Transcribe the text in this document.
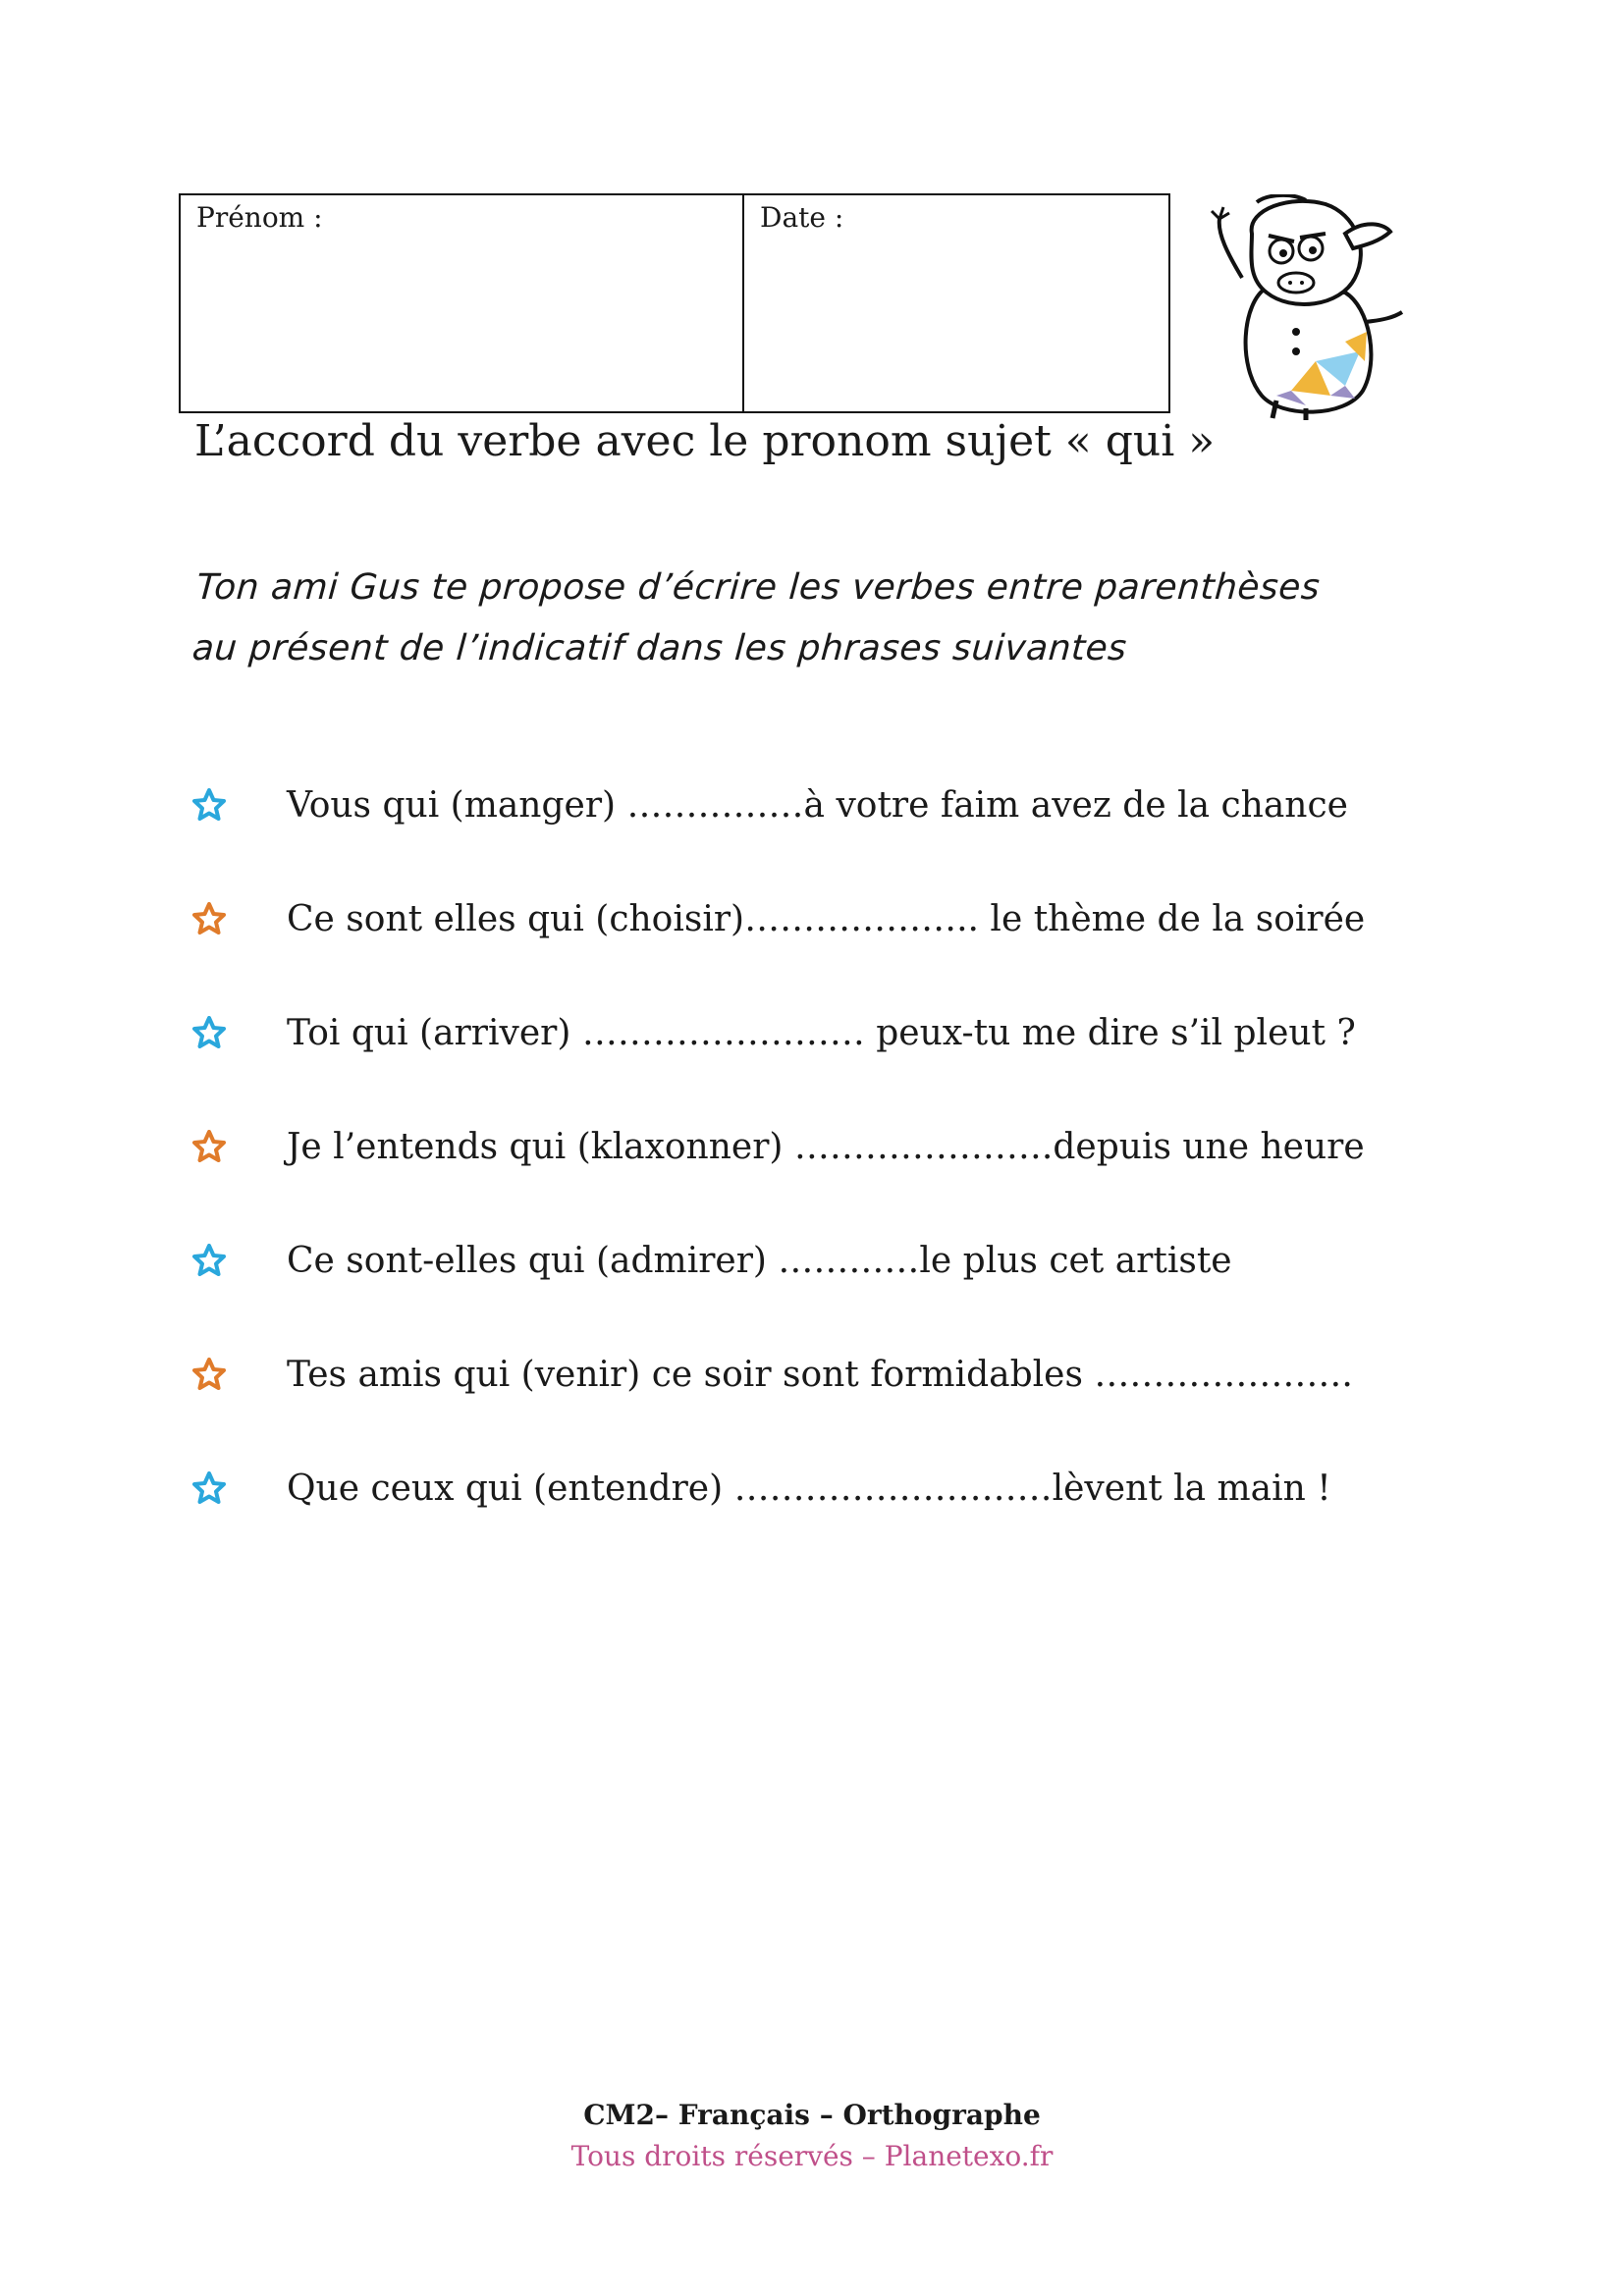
Prénom :	Date :
L’accord du verbe avec le pronom sujet « qui »
Ton ami Gus te propose d’écrire les verbes entre parenthèses
au présent de l’indicatif dans les phrases suivantes
Vous qui (manger) ……………à votre faim avez de la chance
Ce sont elles qui (choisir)……………….. le thème de la soirée
Toi qui (arriver) …………………… peux-tu me dire s’il pleut ?
Je l’entends qui (klaxonner) ………………….depuis une heure
Ce sont-elles qui (admirer) …………le plus cet artiste
Tes amis qui (venir) ce soir sont formidables ………………….
Que ceux qui (entendre) ………………………lèvent la main !
CM2– Français – Orthographe
Tous droits réservés – Planetexo.fr
